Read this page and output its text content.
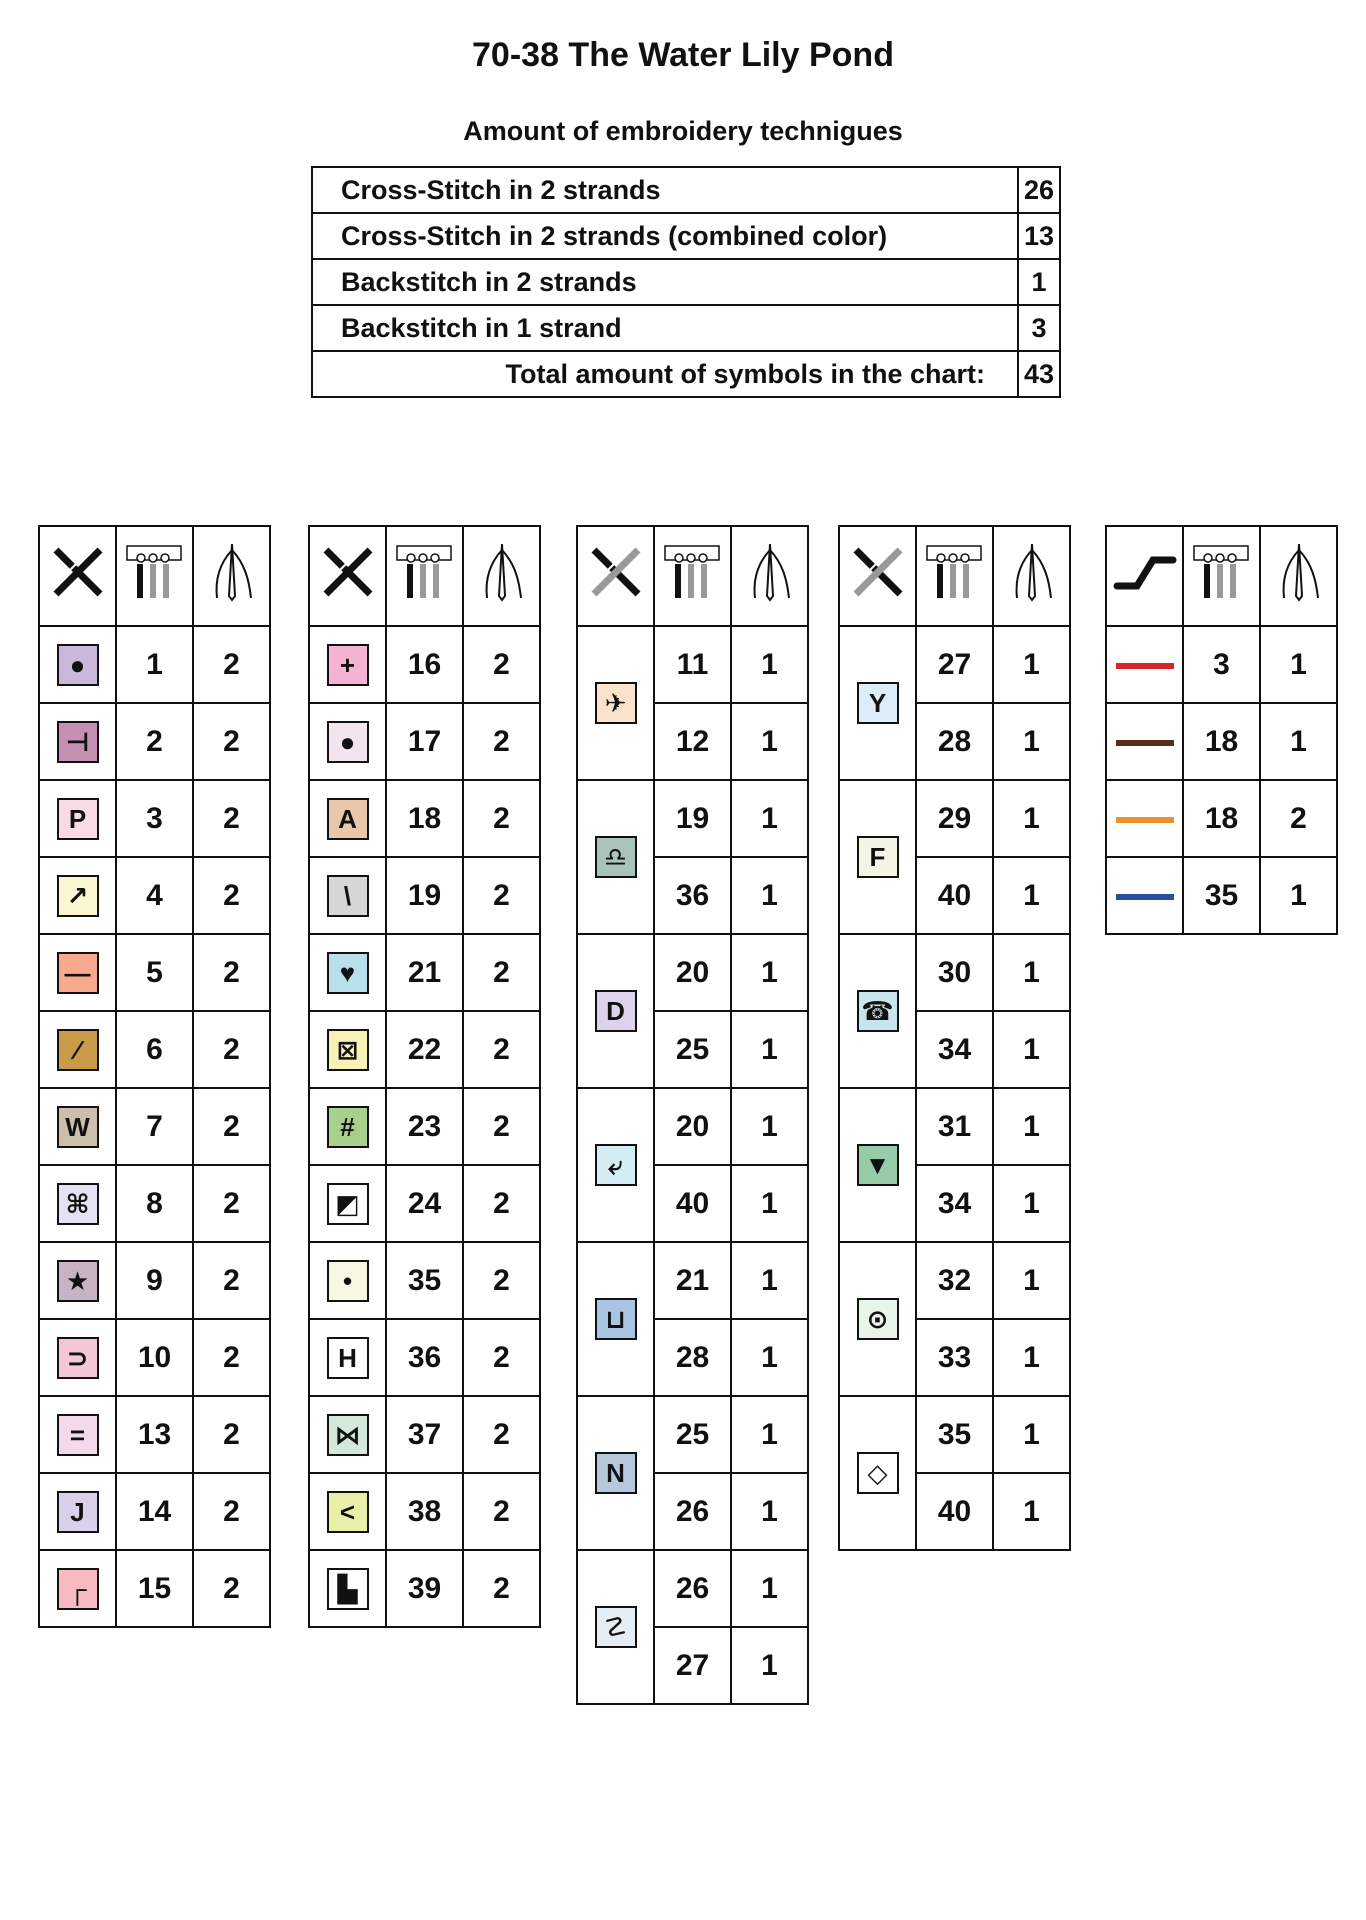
70-38 The Water Lily Pond
Amount of embroidery technigues
Cross-Stitch in 2 strands	26
Cross-Stitch in 2 strands (combined color)	13
Backstitch in 2 strands	1
Backstitch in 1 strand	3
Total amount of symbols in the chart:	43

●	1	2
⊣	2	2
P	3	2
↗	4	2
—	5	2
∕	6	2
W	7	2
⌘	8	2
★	9	2
⊃	10	2
=	13	2
J	14	2
┌	15	2

+	16	2
●	17	2
A	18	2
\	19	2
♥	21	2
⊠	22	2
#	23	2
◩	24	2
•	35	2
H	36	2
⋈	37	2
<	38	2
▙	39	2

✈	11	1
	12	1
♎	19	1
	36	1
D	20	1
	25	1
⤶	20	1
	40	1
⊔	21	1
	28	1
N	25	1
	26	1
☡	26	1
	27	1

Y	27	1
	28	1
F	29	1
	40	1
☎	30	1
	34	1
▼	31	1
	34	1
⊙	32	1
	33	1
◇	35	1
	40	1

	3	1
	18	1
	18	2
	35	1
